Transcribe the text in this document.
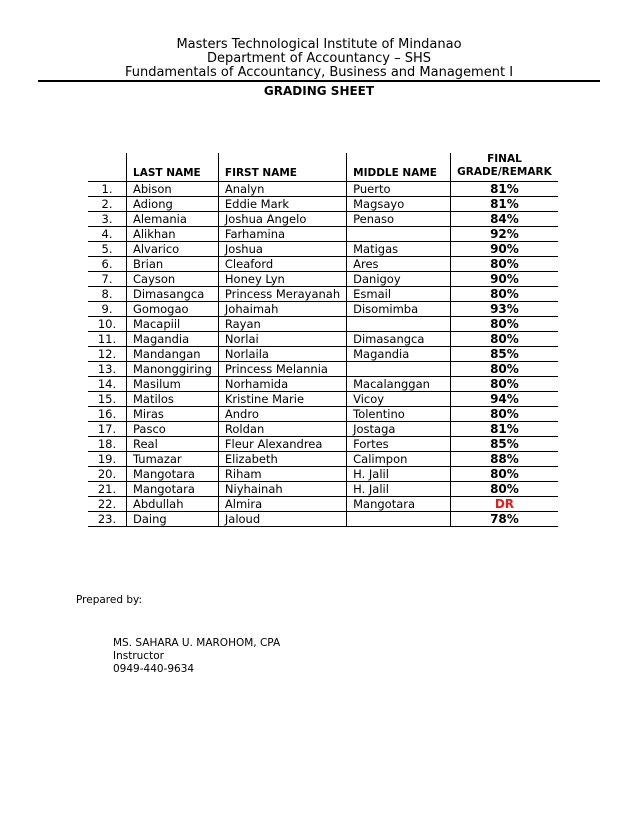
Masters Technological Institute of Mindanao
Department of Accountancy – SHS
Fundamentals of Accountancy, Business and Management I
GRADING SHEET
	LAST NAME	FIRST NAME	MIDDLE NAME	FINAL
GRADE/REMARK

1.	Abison	Analyn	Puerto	81%
2.	Adiong	Eddie Mark	Magsayo	81%
3.	Alemania	Joshua Angelo	Penaso	84%
4.	Alikhan	Farhamina		92%
5.	Alvarico	Joshua	Matigas	90%
6.	Brian	Cleaford	Ares	80%
7.	Cayson	Honey Lyn	Danigoy	90%
8.	Dimasangca	Princess Merayanah	Esmail	80%
9.	Gomogao	Johaimah	Disomimba	93%
10.	Macapiil	Rayan		80%
11.	Magandia	Norlai	Dimasangca	80%
12.	Mandangan	Norlaila	Magandia	85%
13.	Manonggiring	Princess Melannia		80%
14.	Masilum	Norhamida	Macalanggan	80%
15.	Matilos	Kristine Marie	Vicoy	94%
16.	Miras	Andro	Tolentino	80%
17.	Pasco	Roldan	Jostaga	81%
18.	Real	Fleur Alexandrea	Fortes	85%
19.	Tumazar	Elizabeth	Calimpon	88%
20.	Mangotara	Riham	H. Jalil	80%
21.	Mangotara	Niyhainah	H. Jalil	80%
22.	Abdullah	Almira	Mangotara	DR
23.	Daing	Jaloud		78%
Prepared by:
MS. SAHARA U. MAROHOM, CPA
Instructor
0949-440-9634
